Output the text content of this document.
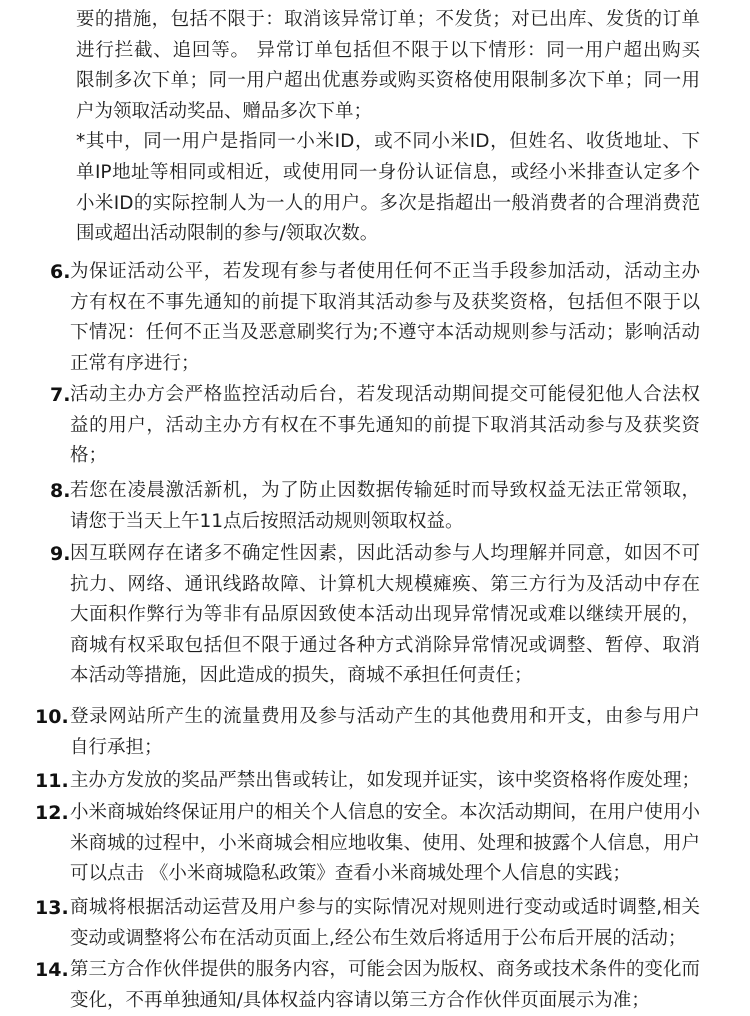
要的措施，包括不限于：取消该异常订单；不发货；对已出库、发货的订单
进行拦截、追回等。 异常订单包括但不限于以下情形：同一用户超出购买
限制多次下单；同一用户超出优惠券或购买资格使用限制多次下单；同一用
户为领取活动奖品、赠品多次下单；
*其中，同一用户是指同一小米ID，或不同小米ID，但姓名、收货地址、下
单IP地址等相同或相近，或使用同一身份认证信息，或经小米排查认定多个
小米ID的实际控制人为一人的用户。多次是指超出一般消费者的合理消费范
围或超出活动限制的参与/领取次数。
6. 为保证活动公平，若发现有参与者使用任何不正当手段参加活动，活动主办
方有权在不事先通知的前提下取消其活动参与及获奖资格，包括但不限于以
下情况：任何不正当及恶意刷奖行为;不遵守本活动规则参与活动；影响活动
正常有序进行；
7. 活动主办方会严格监控活动后台，若发现活动期间提交可能侵犯他人合法权
益的用户，活动主办方有权在不事先通知的前提下取消其活动参与及获奖资
格；
8. 若您在凌晨激活新机，为了防止因数据传输延时而导致权益无法正常领取，
请您于当天上午11点后按照活动规则领取权益。
9. 因互联网存在诸多不确定性因素，因此活动参与人均理解并同意，如因不可
抗力、网络、通讯线路故障、计算机大规模瘫痪、第三方行为及活动中存在
大面积作弊行为等非有品原因致使本活动出现异常情况或难以继续开展的，
商城有权采取包括但不限于通过各种方式消除异常情况或调整、暂停、取消
本活动等措施，因此造成的损失，商城不承担任何责任；
10. 登录网站所产生的流量费用及参与活动产生的其他费用和开支，由参与用户
自行承担；
11. 主办方发放的奖品严禁出售或转让，如发现并证实，该中奖资格将作废处理；
12. 小米商城始终保证用户的相关个人信息的安全。本次活动期间，在用户使用小
米商城的过程中，小米商城会相应地收集、使用、处理和披露个人信息，用户
可以点击 《小米商城隐私政策》查看小米商城处理个人信息的实践；
13. 商城将根据活动运营及用户参与的实际情况对规则进行变动或适时调整,相关
变动或调整将公布在活动页面上,经公布生效后将适用于公布后开展的活动；
14. 第三方合作伙伴提供的服务内容，可能会因为版权、商务或技术条件的变化而
变化，不再单独通知/具体权益内容请以第三方合作伙伴页面展示为准；
